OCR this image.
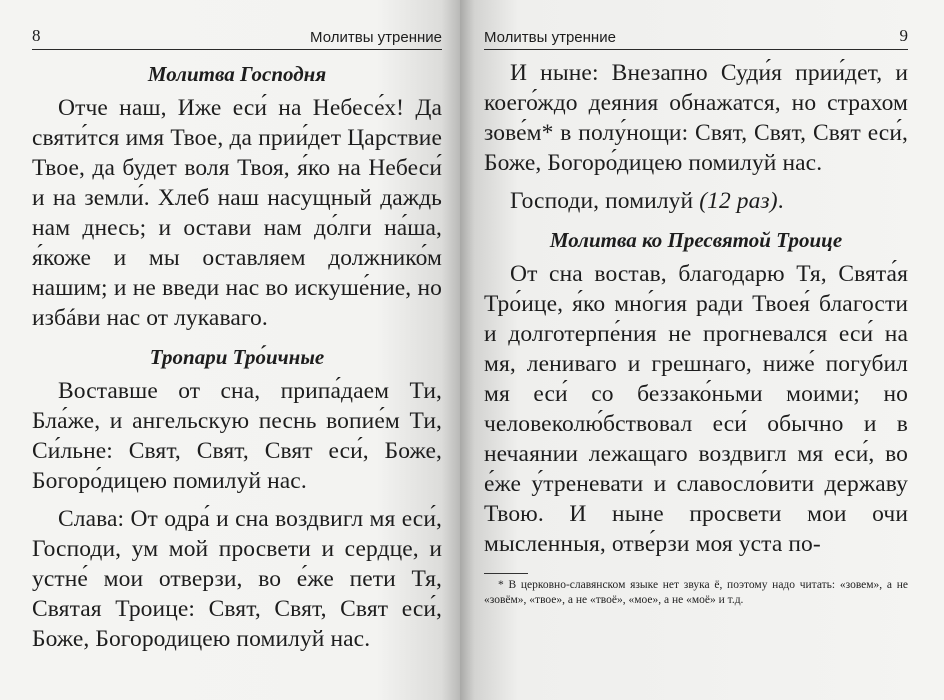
8	Молитвы утренние
Молитва Господня

Отче наш, Иже еси́ на Небесе́х! Да святи́тся имя Твое, да прии́дет Царствие Твое, да будет воля Твоя, я́ко на Небеси́ и на земли́. Хлеб наш насущный даждь нам днесь; и остави нам до́лги на́ша, я́коже и мы оставляем должнико́м нашим; и не введи нас во искуше́ние, но избáви нас от лукаваго.

Тропари Тро́ичные

Воставше от сна, припа́даем Ти, Бла́же, и ангельскую песнь вопие́м Ти, Си́льне: Свят, Свят, Свят еси́, Боже, Богоро́дицею помилуй нас.

Слава: От одра́ и сна воздвигл мя еси́, Господи, ум мой просвети и сердце, и устне́ мои отверзи, во е́же пети Тя, Святая Троице: Свят, Свят, Свят еси́, Боже, Богородицею помилуй нас.

Молитвы утренние	9

И ныне: Внезапно Суди́я прии́дет, и коего́ждо деяния обнажатся, но страхом зове́м* в полу́нощи: Свят, Свят, Свят еси́, Боже, Богоро́дицею помилуй нас.

Господи, помилуй (12 раз).

Молитва ко Пресвятой Троице

От сна востав, благодарю Тя, Свята́я Тро́ице, я́ко мно́гия ради Твоея́ благости и долготерпе́ния не прогневался еси́ на мя, лениваго и грешнаго, ниже́ погубил мя еси́ со беззако́ньми моими; но человеколю́бствовал еси́ обычно и в нечаянии лежащаго воздвигл мя еси́, во е́же у́треневати и славосло́вити державу Твою. И ныне просвети мои очи мысленныя, отве́рзи моя уста по-

* В церковно-славянском языке нет звука ё, поэтому надо читать: «зовем», а не «зовём», «твое», а не «твоё», «мое», а не «моё» и т.д.
